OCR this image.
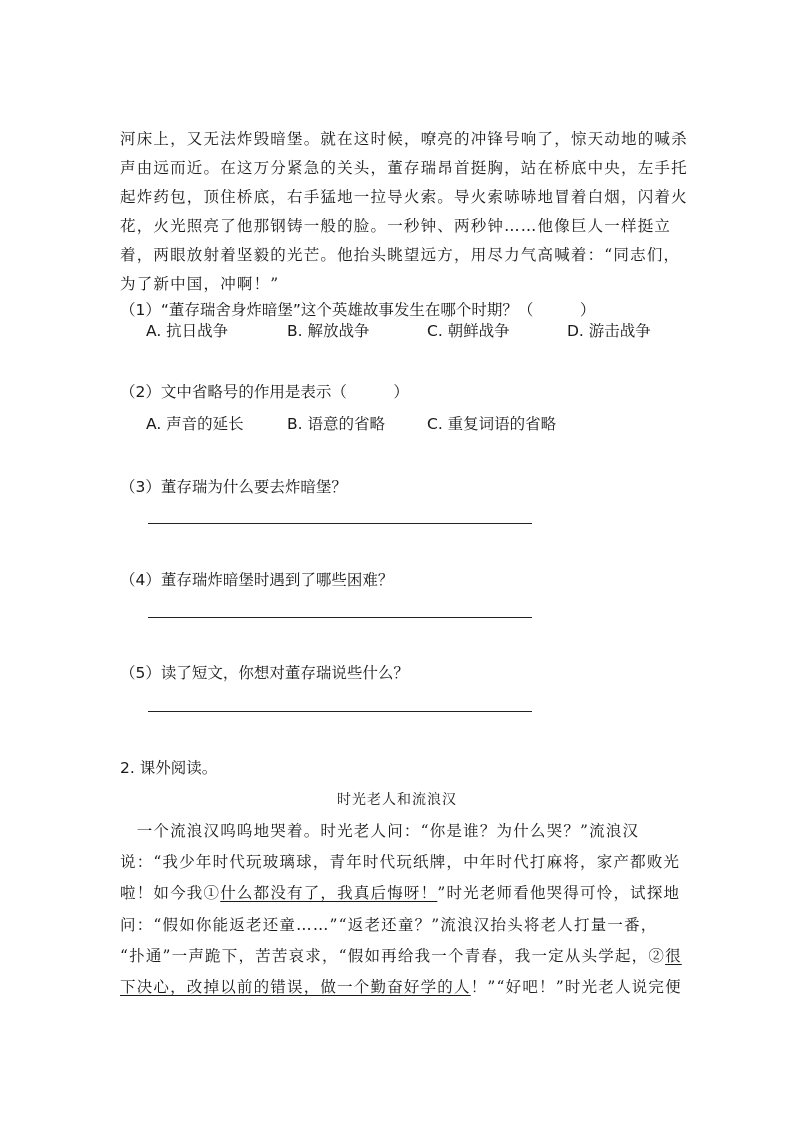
河床上，又无法炸毁暗堡。就在这时候，嘹亮的冲锋号响了，惊天动地的喊杀
声由远而近。在这万分紧急的关头，董存瑞昂首挺胸，站在桥底中央，左手托
起炸药包，顶住桥底，右手猛地一拉导火索。导火索哧哧地冒着白烟，闪着火
花，火光照亮了他那钢铸一般的脸。一秒钟、两秒钟……他像巨人一样挺立
着，两眼放射着坚毅的光芒。他抬头眺望远方，用尽力气高喊着：“同志们，
为了新中国，冲啊！”
（1）“董存瑞舍身炸暗堡”这个英雄故事发生在哪个时期？（　　　）
A. 抗日战争	B. 解放战争	C. 朝鲜战争	D. 游击战争
（2）文中省略号的作用是表示（　　　）
A. 声音的延长	B. 语意的省略	C. 重复词语的省略
（3）董存瑞为什么要去炸暗堡？
（4）董存瑞炸暗堡时遇到了哪些困难？
（5）读了短文，你想对董存瑞说些什么？
2. 课外阅读。
时光老人和流浪汉
　一个流浪汉呜呜地哭着。时光老人问：“你是谁？为什么哭？”流浪汉
说：“我少年时代玩玻璃球，青年时代玩纸牌，中年时代打麻将，家产都败光
啦！如今我①什么都没有了，我真后悔呀！”时光老师看他哭得可怜，试探地
问：“假如你能返老还童……”“返老还童？”流浪汉抬头将老人打量一番，
“扑通”一声跪下，苦苦哀求，“假如再给我一个青春，我一定从头学起，②很
下决心，改掉以前的错误，做一个勤奋好学的人！”“好吧！”时光老人说完便
